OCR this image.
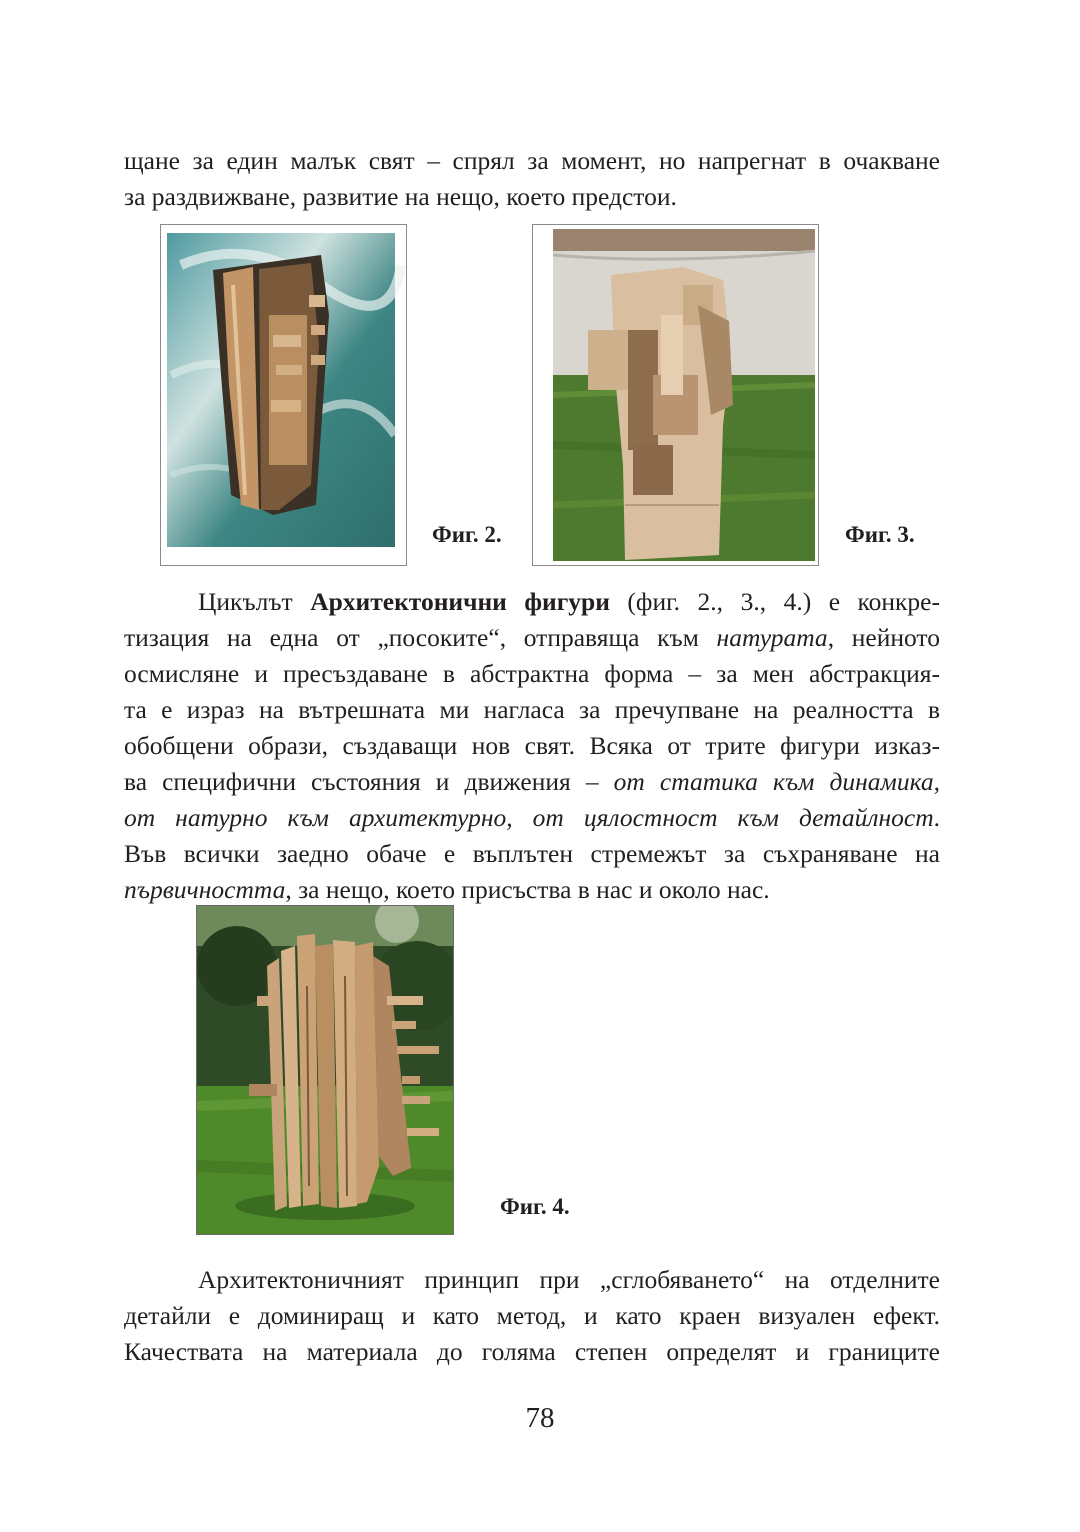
щане за един малък свят – спрял за момент, но напрегнат в очакване
за раздвижване, развитие на нещо, което предстои.
Фиг. 2.	Фиг. 3.
Цикълът Архитектонични фигури (фиг. 2., 3., 4.) е конкре-
тизация на една от „посоките“, отправяща към натурата, нейното
осмисляне и пресъздаване в абстрактна форма – за мен абстракция-
та е израз на вътрешната ми нагласа за пречупване на реалността в
обобщени образи, създаващи нов свят. Всяка от трите фигури изказ-
ва специфични състояния и движения – от статика към динамика,
от натурно към архитектурно, от цялостност към детайлност.
Във всички заедно обаче е въплътен стремежът за съхраняване на
първичността, за нещо, което присъства в нас и около нас.
Фиг. 4.
Архитектоничният принцип при „сглобяването“ на отделните
детайли е доминиращ и като метод, и като краен визуален ефект.
Качествата на материала до голяма степен определят и границите
78
